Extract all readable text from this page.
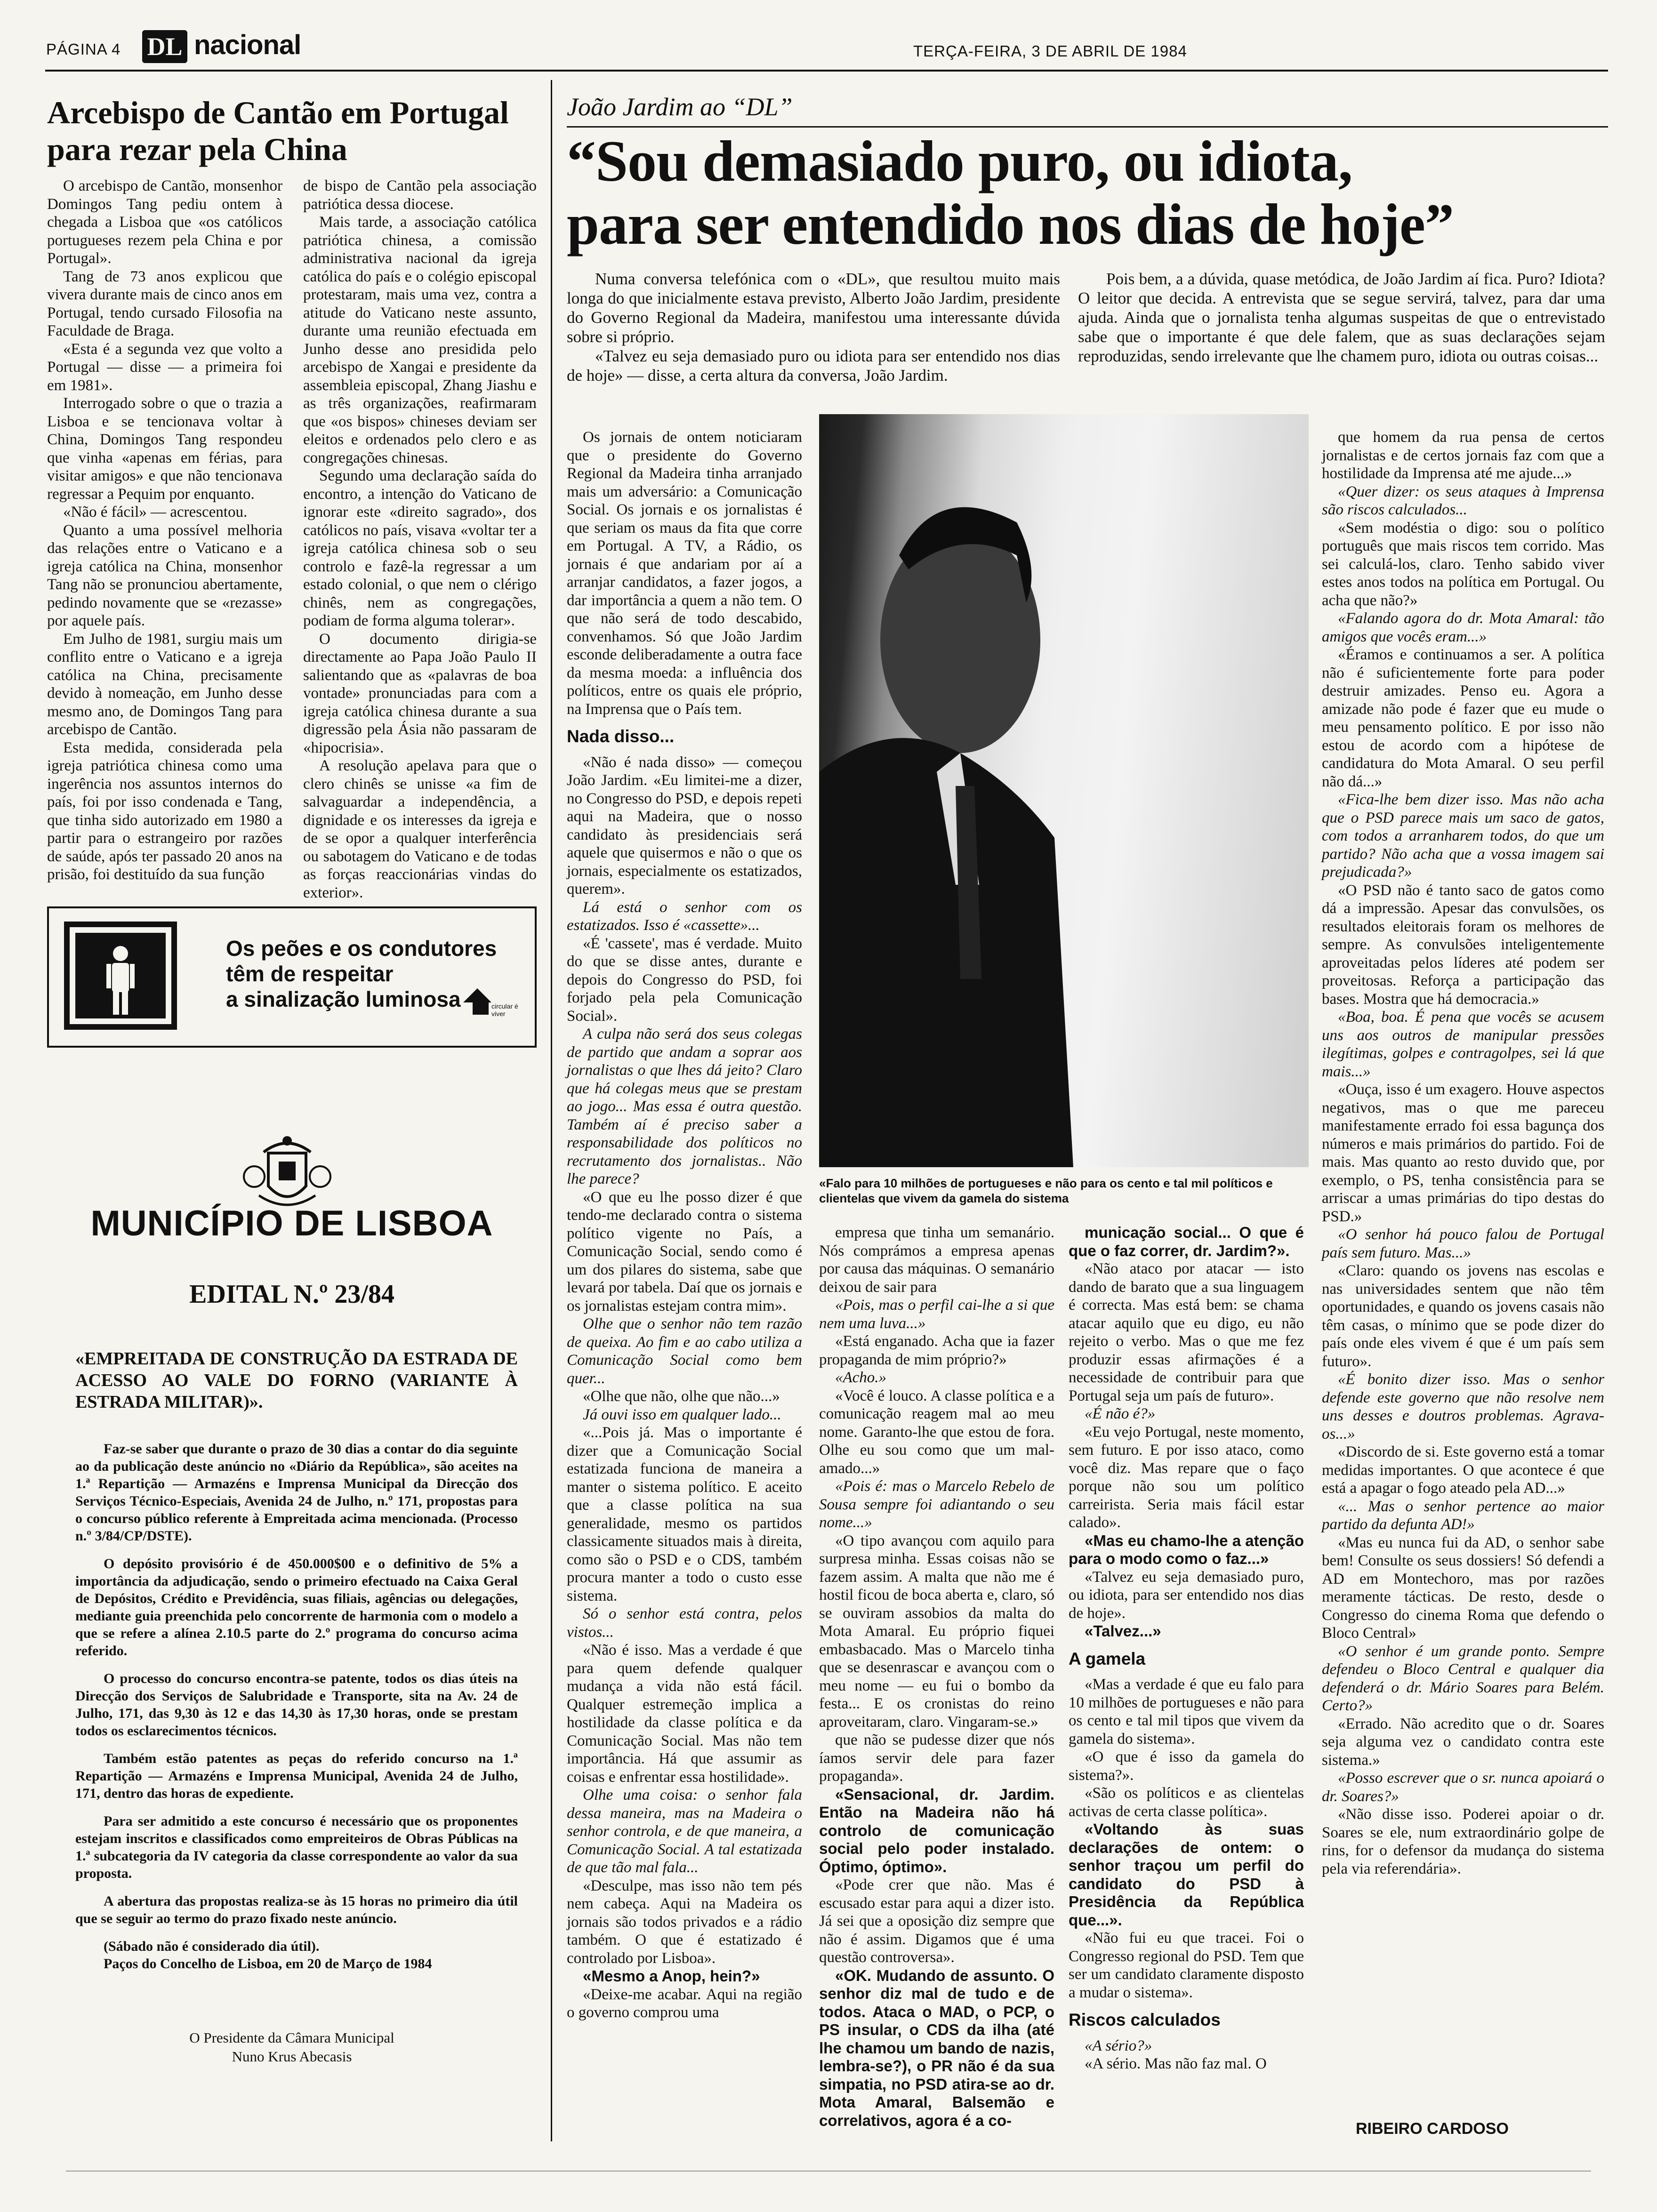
PÁGINA 4 DL nacional	TERÇA-FEIRA, 3 DE ABRIL DE 1984
Arcebispo de Cantão em Portugal
para rezar pela China

O arcebispo de Cantão, monsenhor Domingos Tang pediu ontem à chegada a Lisboa que «os católicos portugueses rezem pela China e por Portugal».

Tang de 73 anos explicou que vivera durante mais de cinco anos em Portugal, tendo cursado Filosofia na Faculdade de Braga.

«Esta é a segunda vez que volto a Portugal — disse — a primeira foi em 1981».

Interrogado sobre o que o trazia a Lisboa e se tencionava voltar à China, Domingos Tang respondeu que vinha «apenas em férias, para visitar amigos» e que não tencionava regressar a Pequim por enquanto.

«Não é fácil» — acrescentou.

Quanto a uma possível melhoria das relações entre o Vaticano e a igreja católica na China, monsenhor Tang não se pronunciou abertamente, pedindo novamente que se «rezasse» por aquele país.

Em Julho de 1981, surgiu mais um conflito entre o Vaticano e a igreja católica na China, precisamente devido à nomeação, em Junho desse mesmo ano, de Domingos Tang para arcebispo de Cantão.

Esta medida, considerada pela igreja patriótica chinesa como uma ingerência nos assuntos internos do país, foi por isso condenada e Tang, que tinha sido autorizado em 1980 a partir para o estrangeiro por razões de saúde, após ter passado 20 anos na prisão, foi destituído da sua função

de bispo de Cantão pela associação patriótica dessa diocese.

Mais tarde, a associação católica patriótica chinesa, a comissão administrativa nacional da igreja católica do país e o colégio episcopal protestaram, mais uma vez, contra a atitude do Vaticano neste assunto, durante uma reunião efectuada em Junho desse ano presidida pelo arcebispo de Xangai e presidente da assembleia episcopal, Zhang Jiashu e as três organizações, reafirmaram que «os bispos» chineses deviam ser eleitos e ordenados pelo clero e as congregações chinesas.

Segundo uma declaração saída do encontro, a intenção do Vaticano de ignorar este «direito sagrado», dos católicos no país, visava «voltar ter a igreja católica chinesa sob o seu controlo e fazê-la regressar a um estado colonial, o que nem o clérigo chinês, nem as congregações, podiam de forma alguma tolerar».

O documento dirigia-se directamente ao Papa João Paulo II salientando que as «palavras de boa vontade» pronunciadas para com a igreja católica chinesa durante a sua digressão pela Ásia não passaram de «hipocrisia».

A resolução apelava para que o clero chinês se unisse «a fim de salvaguardar a independência, a dignidade e os interesses da igreja e de se opor a qualquer interferência ou sabotagem do Vaticano e de todas as forças reaccionárias vindas do exterior».

Os peões e os condutores
têm de respeitar
a sinalização luminosa	circular é viver
MUNICÍPIO DE LISBOA
EDITAL N.º 23/84
«EMPREITADA DE CONSTRUÇÃO DA ESTRADA DE ACESSO AO VALE DO FORNO (VARIANTE À ESTRADA MILITAR)».

Faz-se saber que durante o prazo de 30 dias a contar do dia seguinte ao da publicação deste anúncio no «Diário da República», são aceites na 1.ª Repartição — Armazéns e Imprensa Municipal da Direcção dos Serviços Técnico-Especiais, Avenida 24 de Julho, n.º 171, propostas para o concurso público referente à Empreitada acima mencionada. (Processo n.º 3/84/CP/DSTE).

O depósito provisório é de 450.000$00 e o definitivo de 5% a importância da adjudicação, sendo o primeiro efectuado na Caixa Geral de Depósitos, Crédito e Previdência, suas filiais, agências ou delegações, mediante guia preenchida pelo concorrente de harmonia com o modelo a que se refere a alínea 2.10.5 parte do 2.º programa do concurso acima referido.

O processo do concurso encontra-se patente, todos os dias úteis na Direcção dos Serviços de Salubridade e Transporte, sita na Av. 24 de Julho, 171, das 9,30 às 12 e das 14,30 às 17,30 horas, onde se prestam todos os esclarecimentos técnicos.

Também estão patentes as peças do referido concurso na 1.ª Repartição — Armazéns e Imprensa Municipal, Avenida 24 de Julho, 171, dentro das horas de expediente.

Para ser admitido a este concurso é necessário que os proponentes estejam inscritos e classificados como empreiteiros de Obras Públicas na 1.ª subcategoria da IV categoria da classe correspondente ao valor da sua proposta.

A abertura das propostas realiza-se às 15 horas no primeiro dia útil que se seguir ao termo do prazo fixado neste anúncio.

(Sábado não é considerado dia útil).

Paços do Concelho de Lisboa, em 20 de Março de 1984

O Presidente da Câmara Municipal
Nuno Krus Abecasis
João Jardim ao “DL”
“Sou demasiado puro, ou idiota,
para ser entendido nos dias de hoje”

Numa conversa telefónica com o «DL», que resultou muito mais longa do que inicialmente estava previsto, Alberto João Jardim, presidente do Governo Regional da Madeira, manifestou uma interessante dúvida sobre si próprio.

«Talvez eu seja demasiado puro ou idiota para ser entendido nos dias de hoje» — disse, a certa altura da conversa, João Jardim.

Pois bem, a a dúvida, quase metódica, de João Jardim aí fica. Puro? Idiota? O leitor que decida. A entrevista que se segue servirá, talvez, para dar uma ajuda. Ainda que o jornalista tenha algumas suspeitas de que o entrevistado sabe que o importante é que dele falem, que as suas declarações sejam reproduzidas, sendo irrelevante que lhe chamem puro, idiota ou outras coisas...

«Falo para 10 milhões de portugueses e não para os cento e tal mil políticos e clientelas que vivem da gamela do sistema

Os jornais de ontem noticiaram que o presidente do Governo Regional da Madeira tinha arranjado mais um adversário: a Comunicação Social. Os jornais e os jornalistas é que seriam os maus da fita que corre em Portugal. A TV, a Rádio, os jornais é que andariam por aí a arranjar candidatos, a fazer jogos, a dar importância a quem a não tem. O que não será de todo descabido, convenhamos. Só que João Jardim esconde deliberadamente a outra face da mesma moeda: a influência dos políticos, entre os quais ele próprio, na Imprensa que o País tem.

Nada disso...

«Não é nada disso» — começou João Jardim. «Eu limitei-me a dizer, no Congresso do PSD, e depois repeti aqui na Madeira, que o nosso candidato às presidenciais será aquele que quisermos e não o que os jornais, especialmente os estatizados, querem».

Lá está o senhor com os estatizados. Isso é «cassette»...

«É 'cassete', mas é verdade. Muito do que se disse antes, durante e depois do Congresso do PSD, foi forjado pela pela Comunicação Social».

A culpa não será dos seus colegas de partido que andam a soprar aos jornalistas o que lhes dá jeito? Claro que há colegas meus que se prestam ao jogo... Mas essa é outra questão. Também aí é preciso saber a responsabilidade dos políticos no recrutamento dos jornalistas.. Não lhe parece?

«O que eu lhe posso dizer é que tendo-me declarado contra o sistema político vigente no País, a Comunicação Social, sendo como é um dos pilares do sistema, sabe que levará por tabela. Daí que os jornais e os jornalistas estejam contra mim».

Olhe que o senhor não tem razão de queixa. Ao fim e ao cabo utiliza a Comunicação Social como bem quer...

«Olhe que não, olhe que não...»

Já ouvi isso em qualquer lado...

«...Pois já. Mas o importante é dizer que a Comunicação Social estatizada funciona de maneira a manter o sistema político. E aceito que a classe política na sua generalidade, mesmo os partidos classicamente situados mais à direita, como são o PSD e o CDS, também procura manter a todo o custo esse sistema.

Só o senhor está contra, pelos vistos...

«Não é isso. Mas a verdade é que para quem defende qualquer mudança a vida não está fácil. Qualquer estremeção implica a hostilidade da classe política e da Comunicação Social. Mas não tem importância. Há que assumir as coisas e enfrentar essa hostilidade».

Olhe uma coisa: o senhor fala dessa maneira, mas na Madeira o senhor controla, e de que maneira, a Comunicação Social. A tal estatizada de que tão mal fala...

«Desculpe, mas isso não tem pés nem cabeça. Aqui na Madeira os jornais são todos privados e a rádio também. O que é estatizado é controlado por Lisboa».

«Mesmo a Anop, hein?»

«Deixe-me acabar. Aqui na região o governo comprou uma

empresa que tinha um semanário. Nós comprámos a empresa apenas por causa das máquinas. O semanário deixou de sair para

«Pois, mas o perfil cai-lhe a si que nem uma luva...»

«Está enganado. Acha que ia fazer propaganda de mim próprio?»

«Acho.»

«Você é louco. A classe política e a comunicação reagem mal ao meu nome. Garanto-lhe que estou de fora. Olhe eu sou como que um mal-amado...»

«Pois é: mas o Marcelo Rebelo de Sousa sempre foi adiantando o seu nome...»

«O tipo avançou com aquilo para surpresa minha. Essas coisas não se fazem assim. A malta que não me é hostil ficou de boca aberta e, claro, só se ouviram assobios da malta do Mota Amaral. Eu próprio fiquei embasbacado. Mas o Marcelo tinha que se desenrascar e avançou com o meu nome — eu fui o bombo da festa... E os cronistas do reino aproveitaram, claro. Vingaram-se.»

que não se pudesse dizer que nós íamos servir dele para fazer propaganda».

«Sensacional, dr. Jardim. Então na Madeira não há controlo de comunicação social pelo poder instalado. Óptimo, óptimo».

«Pode crer que não. Mas é escusado estar para aqui a dizer isto. Já sei que a oposição diz sempre que não é assim. Digamos que é uma questão controversa».

«OK. Mudando de assunto. O senhor diz mal de tudo e de todos. Ataca o MAD, o PCP, o PS insular, o CDS da ilha (até lhe chamou um bando de nazis, lembra-se?), o PR não é da sua simpatia, no PSD atira-se ao dr. Mota Amaral, Balsemão e correlativos, agora é a co-

municação social... O que é que o faz correr, dr. Jardim?».

«Não ataco por atacar — isto dando de barato que a sua linguagem é correcta. Mas está bem: se chama atacar aquilo que eu digo, eu não rejeito o verbo. Mas o que me fez produzir essas afirmações é a necessidade de contribuir para que Portugal seja um país de futuro».

«É não é?»

«Eu vejo Portugal, neste momento, sem futuro. E por isso ataco, como você diz. Mas repare que o faço porque não sou um político carreirista. Seria mais fácil estar calado».

«Mas eu chamo-lhe a atenção para o modo como o faz...»

«Talvez eu seja demasiado puro, ou idiota, para ser entendido nos dias de hoje».

«Talvez...»

A gamela

«Mas a verdade é que eu falo para 10 milhões de portugueses e não para os cento e tal mil tipos que vivem da gamela do sistema».

«O que é isso da gamela do sistema?».

«São os políticos e as clientelas activas de certa classe política».

«Voltando às suas declarações de ontem: o senhor traçou um perfil do candidato do PSD à Presidência da República que...».

«Não fui eu que tracei. Foi o Congresso regional do PSD. Tem que ser um candidato claramente disposto a mudar o sistema».

Riscos calculados

«A sério?»

«A sério. Mas não faz mal. O

que homem da rua pensa de certos jornalistas e de certos jornais faz com que a hostilidade da Imprensa até me ajude...»

«Quer dizer: os seus ataques à Imprensa são riscos calculados...

«Sem modéstia o digo: sou o político português que mais riscos tem corrido. Mas sei calculá-los, claro. Tenho sabido viver estes anos todos na política em Portugal. Ou acha que não?»

«Falando agora do dr. Mota Amaral: tão amigos que vocês eram...»

«Éramos e continuamos a ser. A política não é suficientemente forte para poder destruir amizades. Penso eu. Agora a amizade não pode é fazer que eu mude o meu pensamento político. E por isso não estou de acordo com a hipótese de candidatura do Mota Amaral. O seu perfil não dá...»

«Fica-lhe bem dizer isso. Mas não acha que o PSD parece mais um saco de gatos, com todos a arranharem todos, do que um partido? Não acha que a vossa imagem sai prejudicada?»

«O PSD não é tanto saco de gatos como dá a impressão. Apesar das convulsões, os resultados eleitorais foram os melhores de sempre. As convulsões inteligentemente aproveitadas pelos líderes até podem ser proveitosas. Reforça a participação das bases. Mostra que há democracia.»

«Boa, boa. É pena que vocês se acusem uns aos outros de manipular pressões ilegítimas, golpes e contragolpes, sei lá que mais...»

«Ouça, isso é um exagero. Houve aspectos negativos, mas o que me pareceu manifestamente errado foi essa bagunça dos números e mais primários do partido. Foi de mais. Mas quanto ao resto duvido que, por exemplo, o PS, tenha consistência para se arriscar a umas primárias do tipo destas do PSD.»

«O senhor há pouco falou de Portugal país sem futuro. Mas...»

«Claro: quando os jovens nas escolas e nas universidades sentem que não têm oportunidades, e quando os jovens casais não têm casas, o mínimo que se pode dizer do país onde eles vivem é que é um país sem futuro».

«É bonito dizer isso. Mas o senhor defende este governo que não resolve nem uns desses e doutros problemas. Agrava-os...»

«Discordo de si. Este governo está a tomar medidas importantes. O que acontece é que está a apagar o fogo ateado pela AD...»

«... Mas o senhor pertence ao maior partido da defunta AD!»

«Mas eu nunca fui da AD, o senhor sabe bem! Consulte os seus dossiers! Só defendi a AD em Montechoro, mas por razões meramente tácticas. De resto, desde o Congresso do cinema Roma que defendo o Bloco Central»

«O senhor é um grande ponto. Sempre defendeu o Bloco Central e qualquer dia defenderá o dr. Mário Soares para Belém. Certo?»

«Errado. Não acredito que o dr. Soares seja alguma vez o candidato contra este sistema.»

«Posso escrever que o sr. nunca apoiará o dr. Soares?»

«Não disse isso. Poderei apoiar o dr. Soares se ele, num extraordinário golpe de rins, for o defensor da mudança do sistema pela via referendária».

RIBEIRO CARDOSO
